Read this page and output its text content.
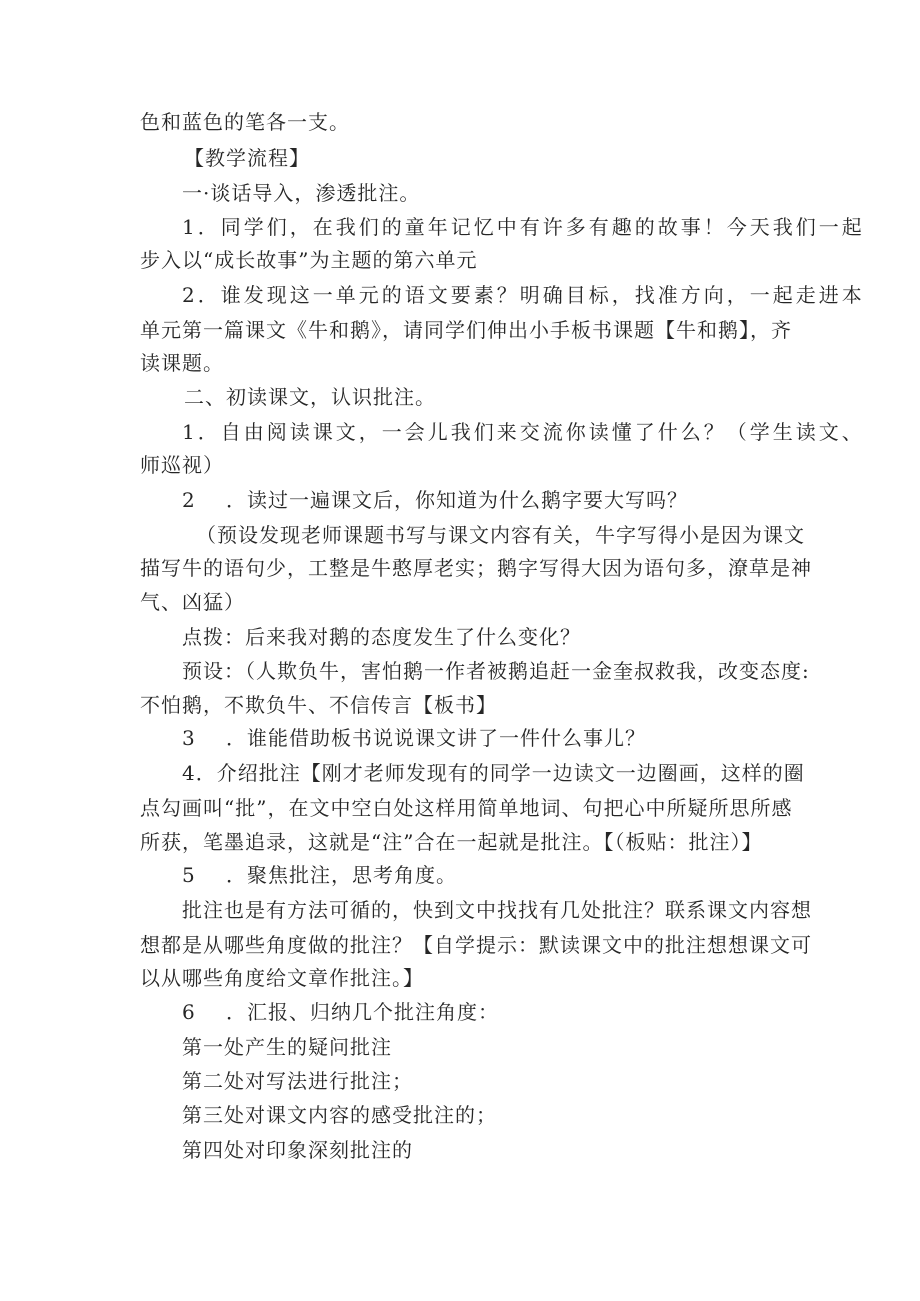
色和蓝色的笔各一支。
【教学流程】
一·谈话导入，渗透批注。
1．同学们，在我们的童年记忆中有许多有趣的故事！今天我们一起
步入以“成长故事”为主题的第六单元
2．谁发现这一单元的语文要素？明确目标，找准方向，一起走进本
单元第一篇课文《牛和鹅》，请同学们伸出小手板书课题【牛和鹅】，齐
读课题。
二、初读课文，认识批注。
1．自由阅读课文，一会儿我们来交流你读懂了什么？（学生读文、
师巡视）
2 ．读过一遍课文后，你知道为什么鹅字要大写吗？
（预设发现老师课题书写与课文内容有关，牛字写得小是因为课文
描写牛的语句少，工整是牛憨厚老实；鹅字写得大因为语句多，潦草是神
气、凶猛）
点拨：后来我对鹅的态度发生了什么变化？
预设：（人欺负牛，害怕鹅一作者被鹅追赶一金奎叔救我，改变态度:
不怕鹅，不欺负牛、不信传言【板书】
3 ．谁能借助板书说说课文讲了一件什么事儿？
4．介绍批注【刚才老师发现有的同学一边读文一边圈画，这样的圈
点勾画叫“批”，在文中空白处这样用简单地词、句把心中所疑所思所感
所获，笔墨追录，这就是“注”合在一起就是批注。【（板贴：批注）】
5 ．聚焦批注，思考角度。
批注也是有方法可循的，快到文中找找有几处批注？联系课文内容想
想都是从哪些角度做的批注？【自学提示：默读课文中的批注想想课文可
以从哪些角度给文章作批注。】
6 ．汇报、归纳几个批注角度：
第一处产生的疑问批注
第二处对写法进行批注；
第三处对课文内容的感受批注的；
第四处对印象深刻批注的
